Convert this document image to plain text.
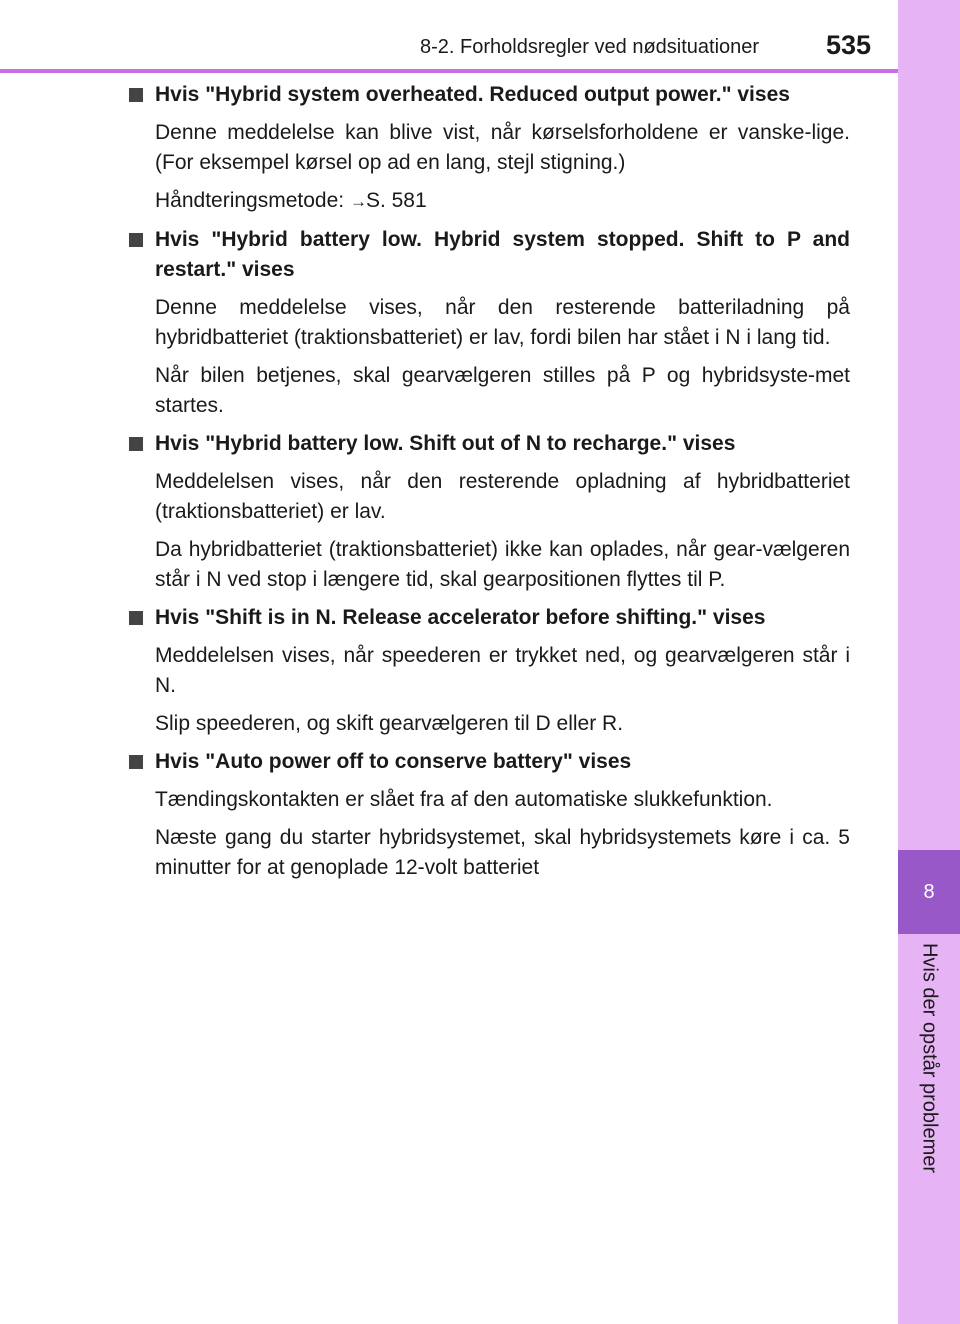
8
Hvis der opstår problemer
8-2. Forholdsregler ved nødsituationer 535
Hvis "Hybrid system overheated. Reduced output power." vises

Denne meddelelse kan blive vist, når kørselsforholdene er vanske-lige. (For eksempel kørsel op ad en lang, stejl stigning.)

Håndteringsmetode: →S. 581

Hvis "Hybrid battery low. Hybrid system stopped. Shift to P and restart." vises

Denne meddelelse vises, når den resterende batteriladning på hybridbatteriet (traktionsbatteriet) er lav, fordi bilen har stået i N i lang tid.

Når bilen betjenes, skal gearvælgeren stilles på P og hybridsyste-met startes.

Hvis "Hybrid battery low. Shift out of N to recharge." vises

Meddelelsen vises, når den resterende opladning af hybridbatteriet (traktionsbatteriet) er lav.

Da hybridbatteriet (traktionsbatteriet) ikke kan oplades, når gear-vælgeren står i N ved stop i længere tid, skal gearpositionen flyttes til P.

Hvis "Shift is in N. Release accelerator before shifting." vises

Meddelelsen vises, når speederen er trykket ned, og gearvælgeren står i N.

Slip speederen, og skift gearvælgeren til D eller R.

Hvis "Auto power off to conserve battery" vises

Tændingskontakten er slået fra af den automatiske slukkefunktion.

Næste gang du starter hybridsystemet, skal hybridsystemets køre i ca. 5 minutter for at genoplade 12-volt batteriet
